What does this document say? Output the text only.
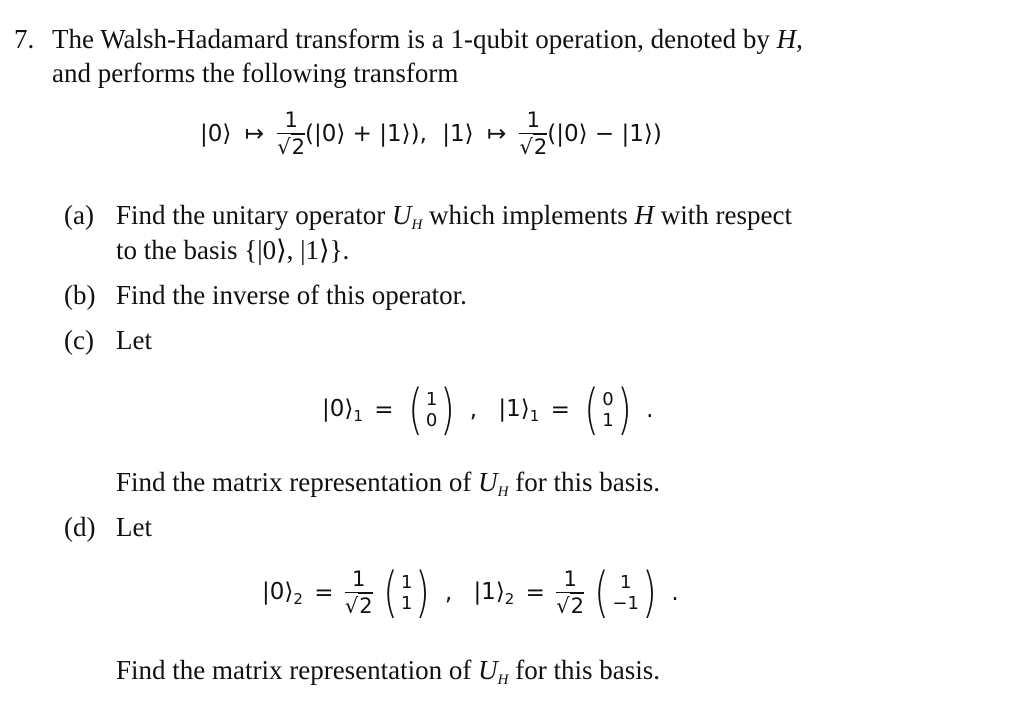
7. The Walsh-Hadamard transform is a 1-qubit operation, denoted by H,
and performs the following transform
|0⟩ ↦ $\frac{1}{√2}$ (|0⟩ + |1⟩), |1⟩ ↦ $\frac{1}{√2}$ (|0⟩ − |1⟩)
(a) Find the unitary operator $U_H$ which implements H with respect
to the basis {|0⟩, |1⟩}.
(b) Find the inverse of this operator.
(c) Let
$|0⟩_1$ = ( 1
0) , $|1⟩_1$ = ( 0
1) .
Find the matrix representation of $U_H$ for this basis.
(d) Let
$|0⟩_2 = \frac{1}{√2}$ ( 1
1) , $|1⟩_2 = \frac{1}{√2}$ ( 1
−1) .
Find the matrix representation of $U_H$ for this basis.
